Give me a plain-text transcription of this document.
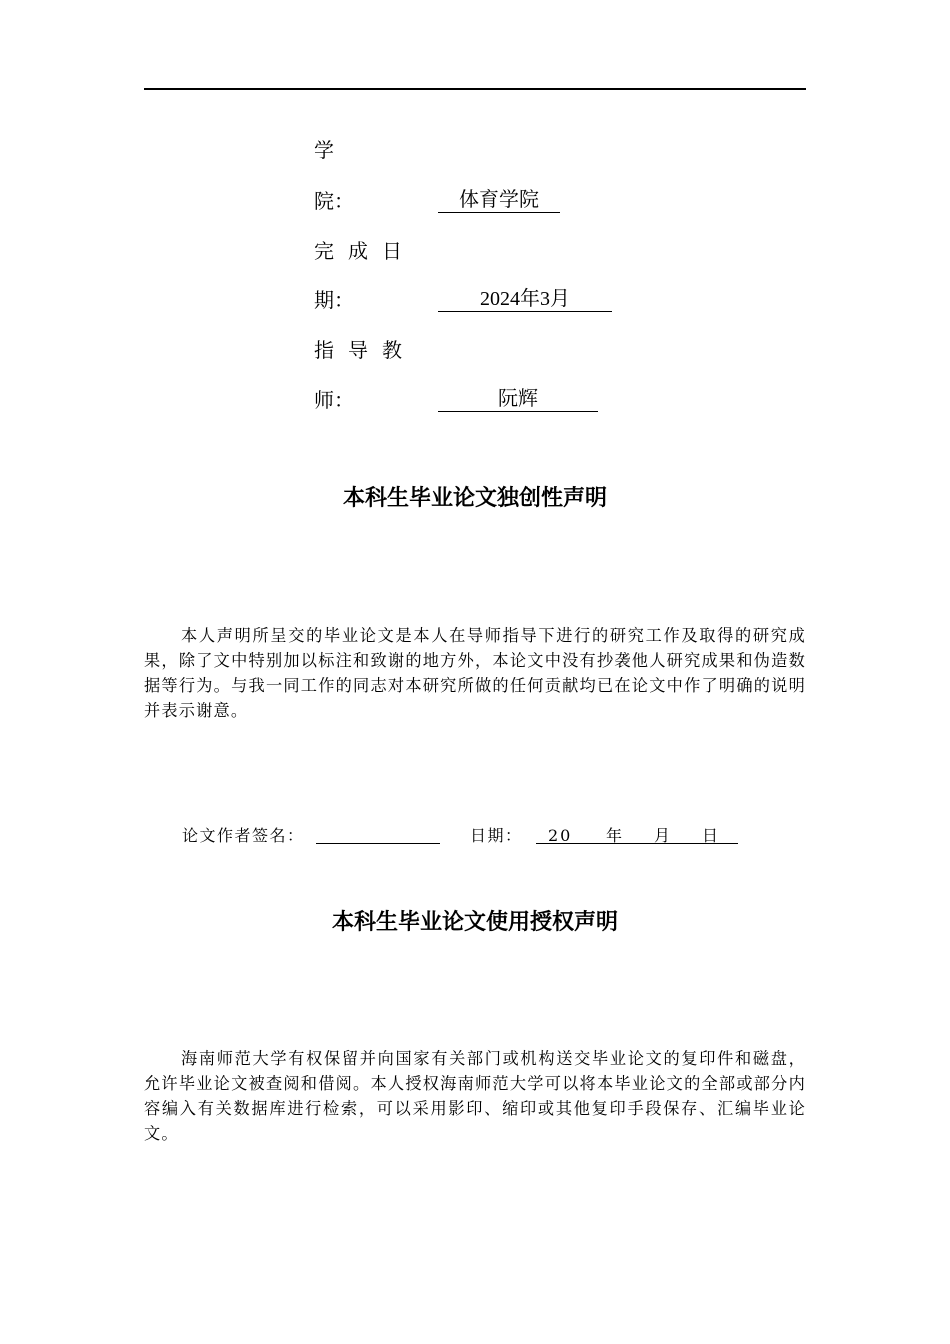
学
院：	体育学院
完成日
期：	2024年3月
指导教
师：	阮辉
本科生毕业论文独创性声明
本人声明所呈交的毕业论文是本人在导师指导下进行的研究工作及取得的研究成果，除了文中特别加以标注和致谢的地方外，本论文中没有抄袭他人研究成果和伪造数据等行为。与我一同工作的同志对本研究所做的任何贡献均已在论文中作了明确的说明并表示谢意。
论文作者签名：	日期： 20 年 月 日
本科生毕业论文使用授权声明
海南师范大学有权保留并向国家有关部门或机构送交毕业论文的复印件和磁盘，允许毕业论文被查阅和借阅。本人授权海南师范大学可以将本毕业论文的全部或部分内容编入有关数据库进行检索，可以采用影印、缩印或其他复印手段保存、汇编毕业论文。
